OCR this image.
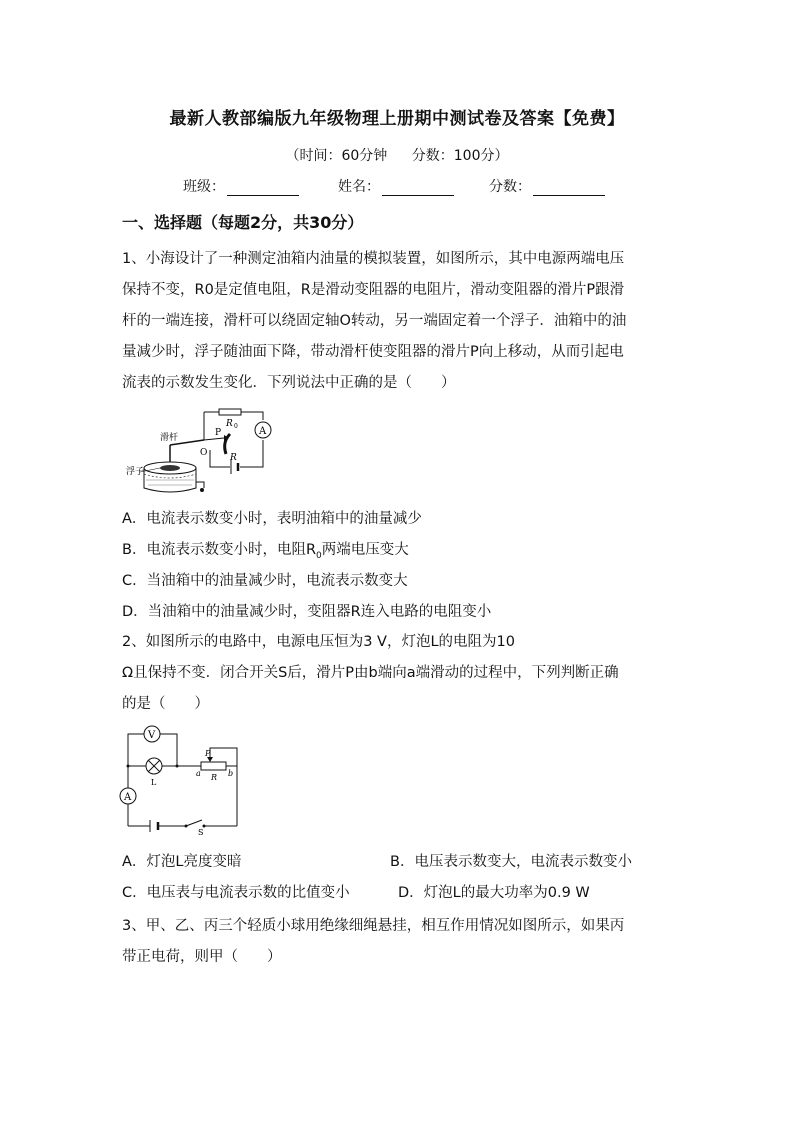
最新人教部编版九年级物理上册期中测试卷及答案【免费】
（时间：60分钟 分数：100分）
班级：	姓名：	分数：
一、选择题（每题2分，共30分）
1、小海设计了一种测定油箱内油量的模拟装置，如图所示，其中电源两端电压
保持不变，R0是定值电阻，R是滑动变阻器的电阻片，滑动变阻器的滑片P跟滑
杆的一端连接，滑杆可以绕固定轴O转动，另一端固定着一个浮子．油箱中的油
量减少时，浮子随油面下降，带动滑杆使变阻器的滑片P向上移动，从而引起电
流表的示数发生变化．下列说法中正确的是（　　）
R 0 A
R
滑杆	P
O
浮子
A．电流表示数变小时，表明油箱中的油量减少
B．电流表示数变小时，电阻$R_0$两端电压变大
C．当油箱中的油量减少时，电流表示数变大
D．当油箱中的油量减少时，变阻器R连入电路的电阻变小
2、如图所示的电路中，电源电压恒为3 V，灯泡L的电阻为10
Ω且保持不变．闭合开关S后，滑片P由b端向a端滑动的过程中，下列判断正确
的是（　　）
S
V
L
A
P
a R b
A．灯泡L亮度变暗	B．电压表示数变大，电流表示数变小
C．电压表与电流表示数的比值变小	D．灯泡L的最大功率为0.9 W
3、甲、乙、丙三个轻质小球用绝缘细绳悬挂，相互作用情况如图所示，如果丙
带正电荷，则甲（　　）
